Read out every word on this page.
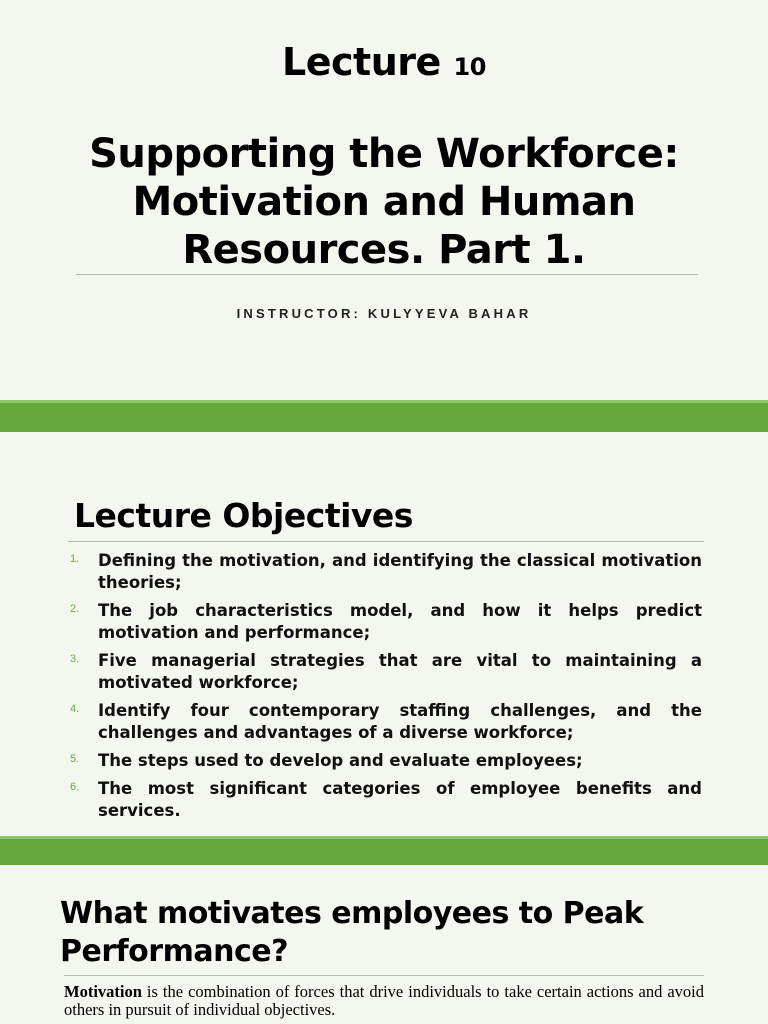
Lecture 10
Supporting the Workforce:
Motivation and Human
Resources. Part 1.
INSTRUCTOR: KULYYEVA BAHAR
Lecture Objectives
1.	Defining the motivation, and identifying the classical motivation theories;
2.	The job characteristics model, and how it helps predict motivation and performance;
3.	Five managerial strategies that are vital to maintaining a motivated workforce;
4.	Identify four contemporary staffing challenges, and the challenges and advantages of a diverse workforce;
5.	The steps used to develop and evaluate employees;
6.	The most significant categories of employee benefits and services.
What motivates employees to Peak
Performance?
Motivation is the combination of forces that drive individuals to take certain actions and avoid others in pursuit of individual objectives.
